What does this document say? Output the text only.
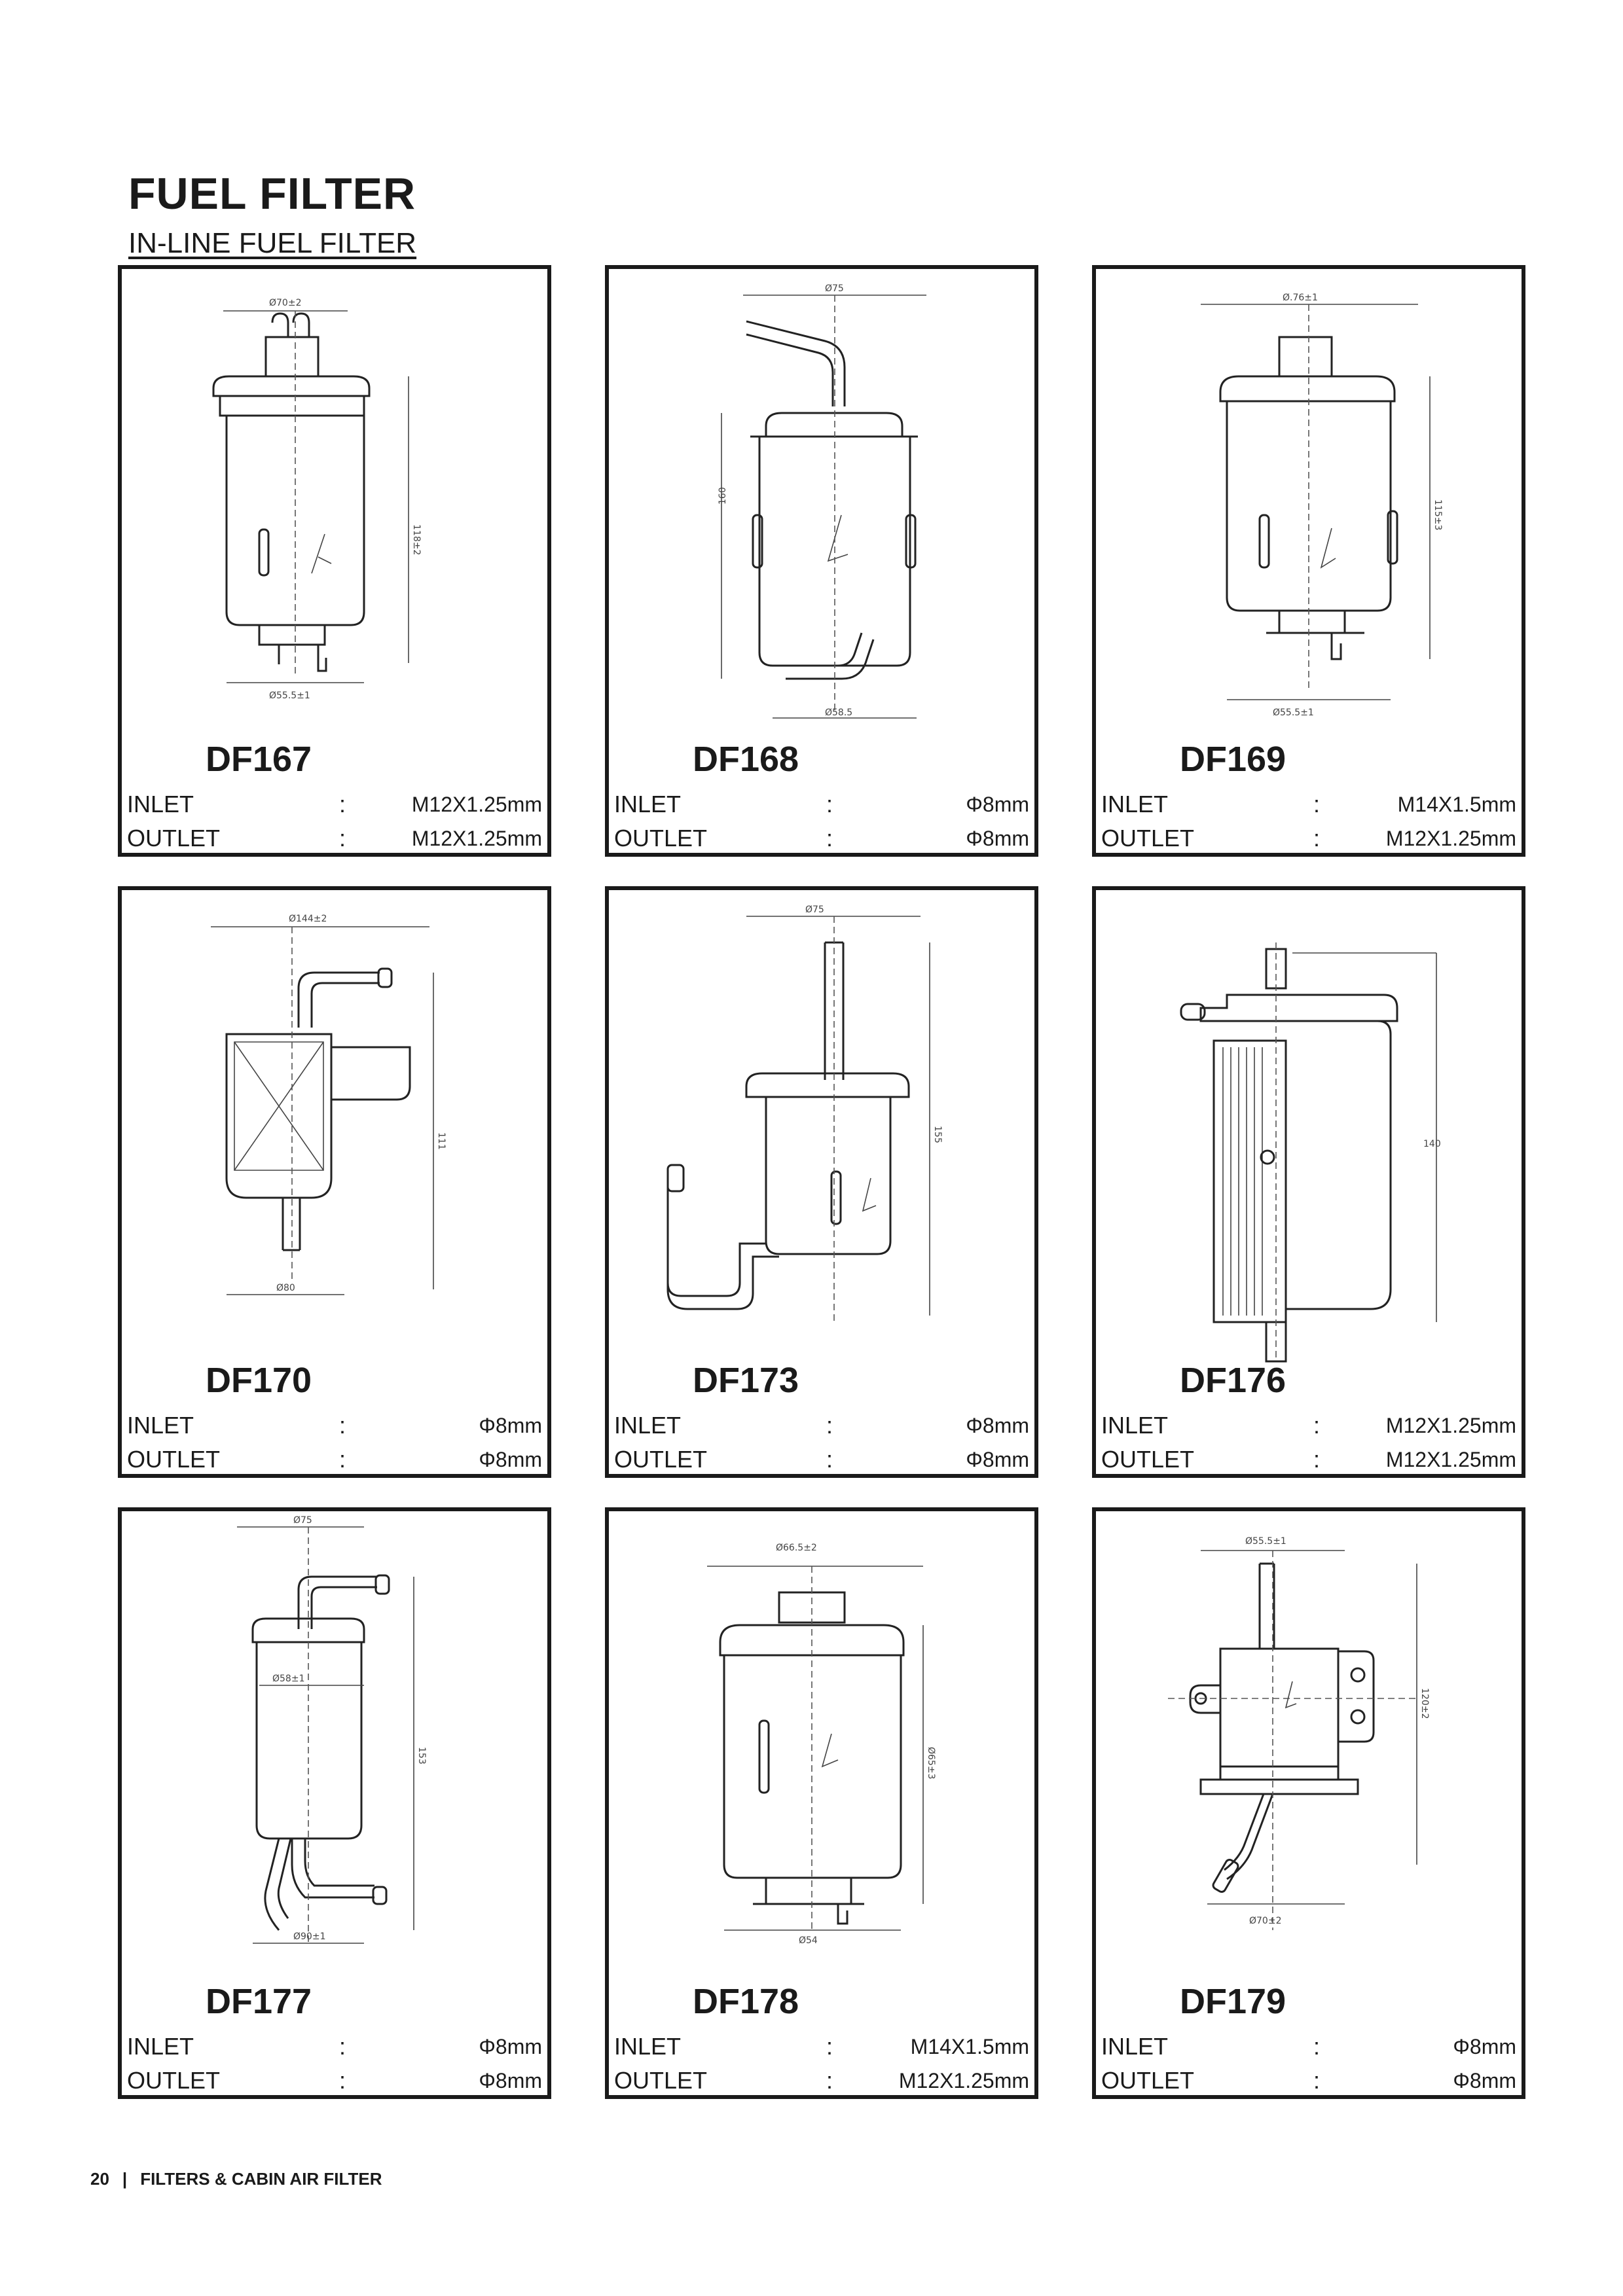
FUEL FILTER
IN-LINE FUEL FILTER
Ø70±2
118±2
Ø55.5±1
DF167
INLET	:	M12X1.25mm
OUTLET	:	M12X1.25mm
Ø75
160
Ø58.5
DF168
INLET	:	Φ8mm
OUTLET	:	Φ8mm
Ø.76±1
115±3
Ø55.5±1
DF169
INLET	:	M14X1.5mm
OUTLET	:	M12X1.25mm
Ø144±2
111
Ø80
DF170
INLET	:	Φ8mm
OUTLET	:	Φ8mm
Ø75
155
DF173
INLET	:	Φ8mm
OUTLET	:	Φ8mm
140
DF176
INLET	:	M12X1.25mm
OUTLET	:	M12X1.25mm
Ø75
Ø58±1
153
Ø90±1
DF177
INLET	:	Φ8mm
OUTLET	:	Φ8mm
Ø66.5±2
Ø65±3
Ø54
DF178
INLET	:	M14X1.5mm
OUTLET	:	M12X1.25mm
Ø55.5±1
120±2
Ø70±2
DF179
INLET	:	Φ8mm
OUTLET	:	Φ8mm
20 | FILTERS & CABIN AIR FILTER
